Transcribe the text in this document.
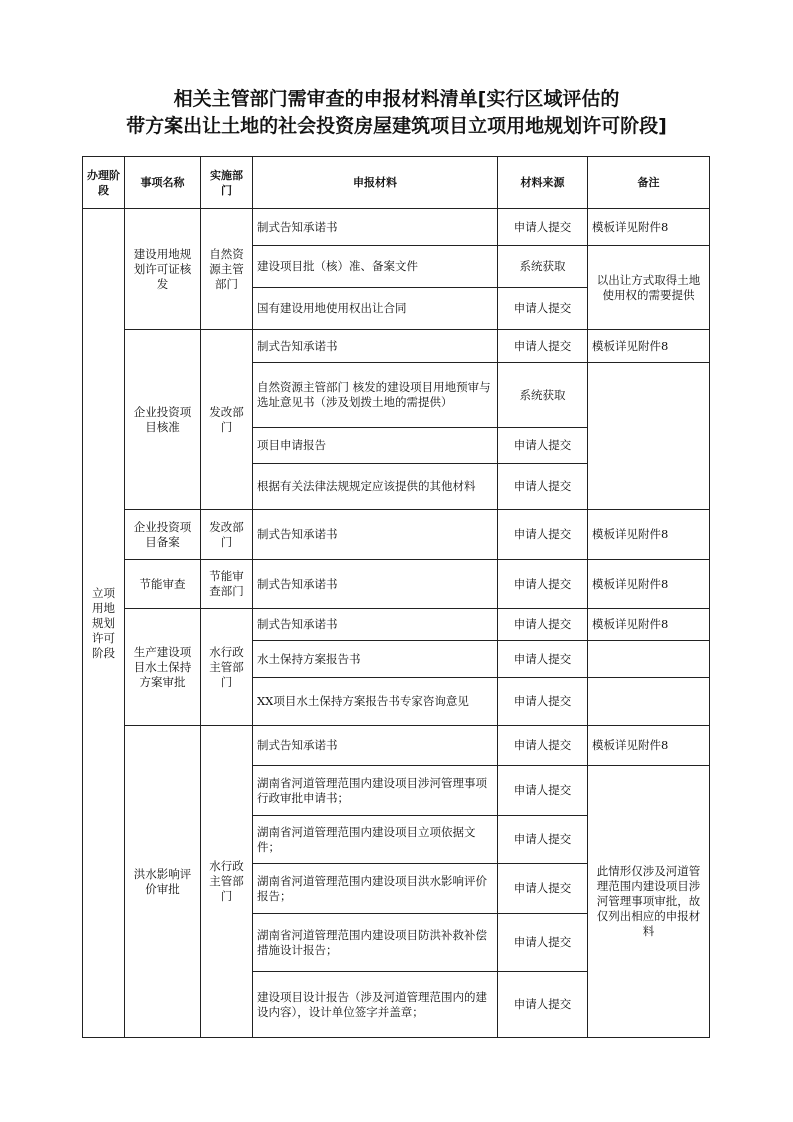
相关主管部门需审查的申报材料清单[实行区域评估的
带方案出让土地的社会投资房屋建筑项目立项用地规划许可阶段]
办理阶段	事项名称	实施部门	申报材料	材料来源	备注
立项用地规划许可阶段	建设用地规划许可证核发	自然资源主管部门	制式告知承诺书	申请人提交	模板详见附件8
			建设项目批（核）准、备案文件	系统获取	以出让方式取得土地使用权的需要提供
			国有建设用地使用权出让合同	申请人提交	
	企业投资项目核准	发改部门	制式告知承诺书	申请人提交	模板详见附件8
			自然资源主管部门 核发的建设项目用地预审与选址意见书（涉及划拨土地的需提供）	系统获取	
			项目申请报告	申请人提交	
			根据有关法律法规规定应该提供的其他材料	申请人提交	
	企业投资项目备案	发改部门	制式告知承诺书	申请人提交	模板详见附件8
	节能审查	节能审查部门	制式告知承诺书	申请人提交	模板详见附件8
	生产建设项目水土保持方案审批	水行政主管部门	制式告知承诺书	申请人提交	模板详见附件8
			水土保持方案报告书	申请人提交	
			XX项目水土保持方案报告书专家咨询意见	申请人提交	
	洪水影响评价审批	水行政主管部门	制式告知承诺书	申请人提交	模板详见附件8
			湖南省河道管理范围内建设项目涉河管理事项行政审批申请书；	申请人提交	此情形仅涉及河道管理范围内建设项目涉河管理事项审批，故仅列出相应的申报材料
			湖南省河道管理范围内建设项目立项依据文件；	申请人提交	
			湖南省河道管理范围内建设项目洪水影响评价报告；	申请人提交	
			湖南省河道管理范围内建设项目防洪补救补偿措施设计报告；	申请人提交	
			建设项目设计报告（涉及河道管理范围内的建设内容），设计单位签字并盖章；	申请人提交	
